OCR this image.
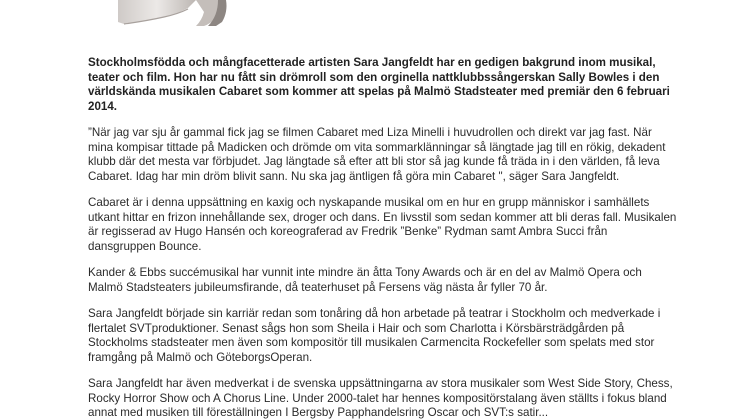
Stockholmsfödda och mångfacetterade artisten Sara Jangfeldt har en gedigen bakgrund inom musikal, teater och film. Hon har nu fått sin drömroll som den orginella nattklubbssångerskan Sally Bowles i den världskända musikalen Cabaret som kommer att spelas på Malmö Stadsteater med premiär den 6 februari 2014.

”När jag var sju år gammal fick jag se filmen Cabaret med Liza Minelli i huvudrollen och direkt var jag fast. När mina kompisar tittade på Madicken och drömde om vita sommarklänningar så längtade jag till en rökig, dekadent klubb där det mesta var förbjudet. Jag längtade så efter att bli stor så jag kunde få träda in i den världen, få leva Cabaret. Idag har min dröm blivit sann. Nu ska jag äntligen få göra min Cabaret ", säger Sara Jangfeldt.

Cabaret är i denna uppsättning en kaxig och nyskapande musikal om en hur en grupp människor i samhällets utkant hittar en frizon innehållande sex, droger och dans. En livsstil som sedan kommer att bli deras fall. Musikalen är regisserad av Hugo Hansén och koreograferad av Fredrik ”Benke” Rydman samt Ambra Succi från dansgruppen Bounce.

Kander & Ebbs succémusikal har vunnit inte mindre än åtta Tony Awards och är en del av Malmö Opera och Malmö Stadsteaters jubileumsfirande, då teaterhuset på Fersens väg nästa år fyller 70 år.

Sara Jangfeldt började sin karriär redan som tonåring då hon arbetade på teatrar i Stockholm och medverkade i flertalet SVTproduktioner. Senast sågs hon som Sheila i Hair och som Charlotta i Körsbärsträdgården på Stockholms stadsteater men även som kompositör till musikalen Carmencita Rockefeller som spelats med stor framgång på Malmö och GöteborgsOperan.

Sara Jangfeldt har även medverkat i de svenska uppsättningarna av stora musikaler som West Side Story, Chess, Rocky Horror Show och A Chorus Line. Under 2000-talet har hennes kompositörstalang även ställts i fokus bland annat med musiken till föreställningen I Bergsby Papphandelsring Oscar och SVT:s satir...
